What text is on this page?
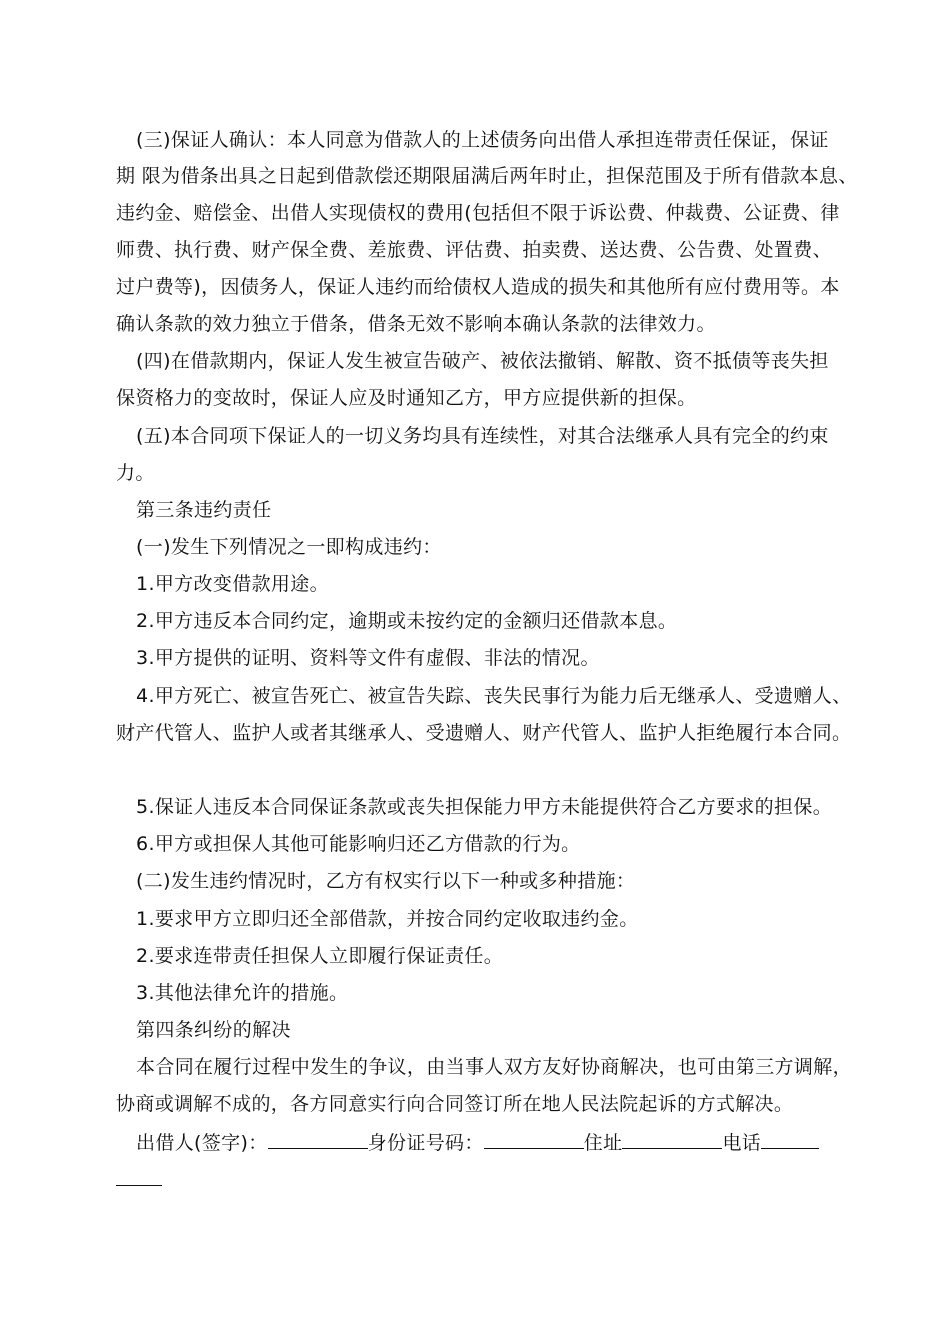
(三)保证人确认：本人同意为借款人的上述债务向出借人承担连带责任保证，保证
期 限为借条出具之日起到借款偿还期限届满后两年时止，担保范围及于所有借款本息、
违约金、赔偿金、出借人实现债权的费用(包括但不限于诉讼费、仲裁费、公证费、律
师费、执行费、财产保全费、差旅费、评估费、拍卖费、送达费、公告费、处置费、
过户费等)，因债务人，保证人违约而给债权人造成的损失和其他所有应付费用等。本
确认条款的效力独立于借条，借条无效不影响本确认条款的法律效力。
(四)在借款期内，保证人发生被宣告破产、被依法撤销、解散、资不抵债等丧失担
保资格力的变故时，保证人应及时通知乙方，甲方应提供新的担保。
(五)本合同项下保证人的一切义务均具有连续性，对其合法继承人具有完全的约束
力。
第三条违约责任
(一)发生下列情况之一即构成违约：
1.甲方改变借款用途。
2.甲方违反本合同约定，逾期或未按约定的金额归还借款本息。
3.甲方提供的证明、资料等文件有虚假、非法的情况。
4.甲方死亡、被宣告死亡、被宣告失踪、丧失民事行为能力后无继承人、受遗赠人、
财产代管人、监护人或者其继承人、受遗赠人、财产代管人、监护人拒绝履行本合同。
5.保证人违反本合同保证条款或丧失担保能力甲方未能提供符合乙方要求的担保。
6.甲方或担保人其他可能影响归还乙方借款的行为。
(二)发生违约情况时，乙方有权实行以下一种或多种措施：
1.要求甲方立即归还全部借款，并按合同约定收取违约金。
2.要求连带责任担保人立即履行保证责任。
3.其他法律允许的措施。
第四条纠纷的解决
本合同在履行过程中发生的争议，由当事人双方友好协商解决，也可由第三方调解，
协商或调解不成的，各方同意实行向合同签订所在地人民法院起诉的方式解决。
出借人(签字)：	身份证号码：	住址	电话
